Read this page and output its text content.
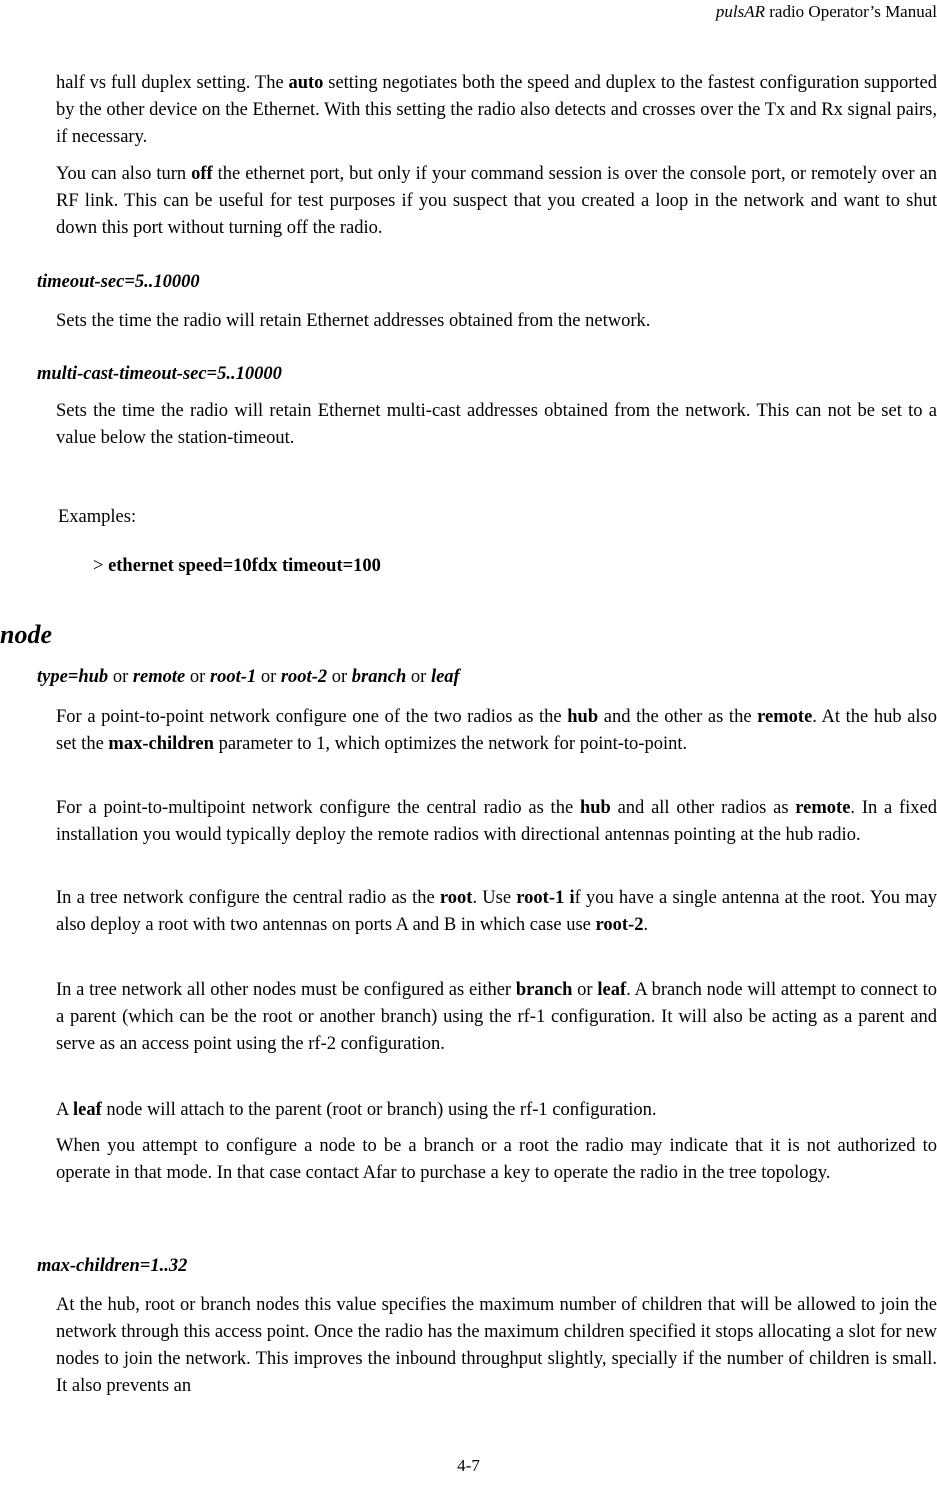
pulsAR radio Operator’s Manual
half vs full duplex setting. The auto setting negotiates both the speed and duplex to the fastest configuration supported by the other device on the Ethernet. With this setting the radio also detects and crosses over the Tx and Rx signal pairs, if necessary.
You can also turn off the ethernet port, but only if your command session is over the console port, or remotely over an RF link. This can be useful for test purposes if you suspect that you created a loop in the network and want to shut down this port without turning off the radio.
timeout-sec=5..10000
Sets the time the radio will retain Ethernet addresses obtained from the network.
multi-cast-timeout-sec=5..10000
Sets the time the radio will retain Ethernet multi-cast addresses obtained from the network. This can not be set to a value below the station-timeout.
Examples:
> ethernet speed=10fdx timeout=100
node
type=hub or remote or root-1 or root-2 or branch or leaf
For a point-to-point network configure one of the two radios as the hub and the other as the remote. At the hub also set the max-children parameter to 1, which optimizes the network for point-to-point.
For a point-to-multipoint network configure the central radio as the hub and all other radios as remote. In a fixed installation you would typically deploy the remote radios with directional antennas pointing at the hub radio.
In a tree network configure the central radio as the root. Use root-1 if you have a single antenna at the root. You may also deploy a root with two antennas on ports A and B in which case use root-2.
In a tree network all other nodes must be configured as either branch or leaf. A branch node will attempt to connect to a parent (which can be the root or another branch) using the rf-1 configuration. It will also be acting as a parent and serve as an access point using the rf-2 configuration.
A leaf node will attach to the parent (root or branch) using the rf-1 configuration.
When you attempt to configure a node to be a branch or a root the radio may indicate that it is not authorized to operate in that mode. In that case contact Afar to purchase a key to operate the radio in the tree topology.
max-children=1..32
At the hub, root or branch nodes this value specifies the maximum number of children that will be allowed to join the network through this access point. Once the radio has the maximum children specified it stops allocating a slot for new nodes to join the network. This improves the inbound throughput slightly, specially if the number of children is small. It also prevents an
4-7
